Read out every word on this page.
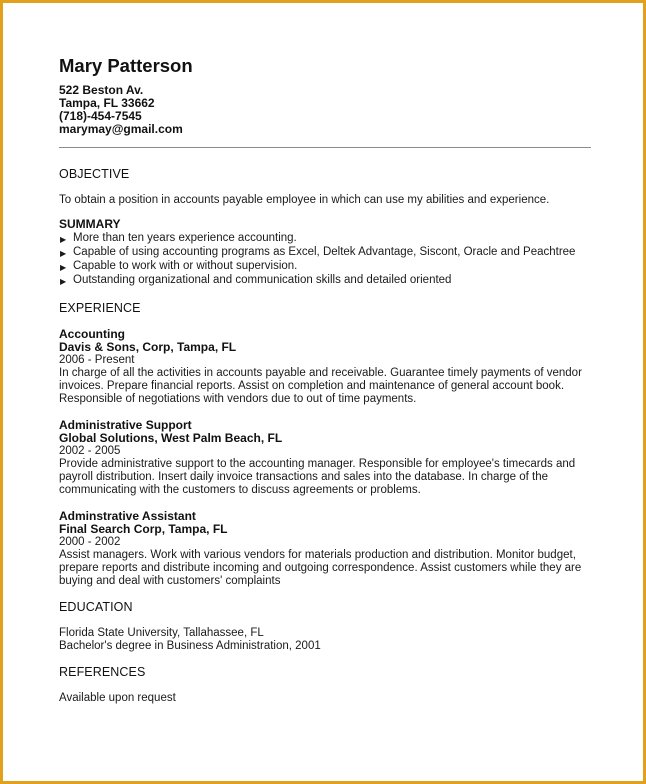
Mary Patterson
522 Beston Av.
Tampa, FL 33662
(718)-454-7545
marymay@gmail.com
OBJECTIVE
To obtain a position in accounts payable employee in which can use my abilities and experience.
SUMMARY
▶ More than ten years experience accounting.
▶ Capable of using accounting programs as Excel, Deltek Advantage, Siscont, Oracle and Peachtree
▶ Capable to work with or without supervision.
▶ Outstanding organizational and communication skills and detailed oriented
EXPERIENCE
Accounting
Davis & Sons, Corp, Tampa, FL
2006 - Present
In charge of all the activities in accounts payable and receivable. Guarantee timely payments of vendor invoices. Prepare financial reports. Assist on completion and maintenance of general account book. Responsible of negotiations with vendors due to out of time payments.
Administrative Support
Global Solutions, West Palm Beach, FL
2002 - 2005
Provide administrative support to the accounting manager. Responsible for employee's timecards and payroll distribution. Insert daily invoice transactions and sales into the database. In charge of the communicating with the customers to discuss agreements or problems.
Adminstrative Assistant
Final Search Corp, Tampa, FL
2000 - 2002
Assist managers. Work with various vendors for materials production and distribution. Monitor budget, prepare reports and distribute incoming and outgoing correspondence. Assist customers while they are buying and deal with customers' complaints
EDUCATION
Florida State University, Tallahassee, FL
Bachelor's degree in Business Administration, 2001
REFERENCES
Available upon request
